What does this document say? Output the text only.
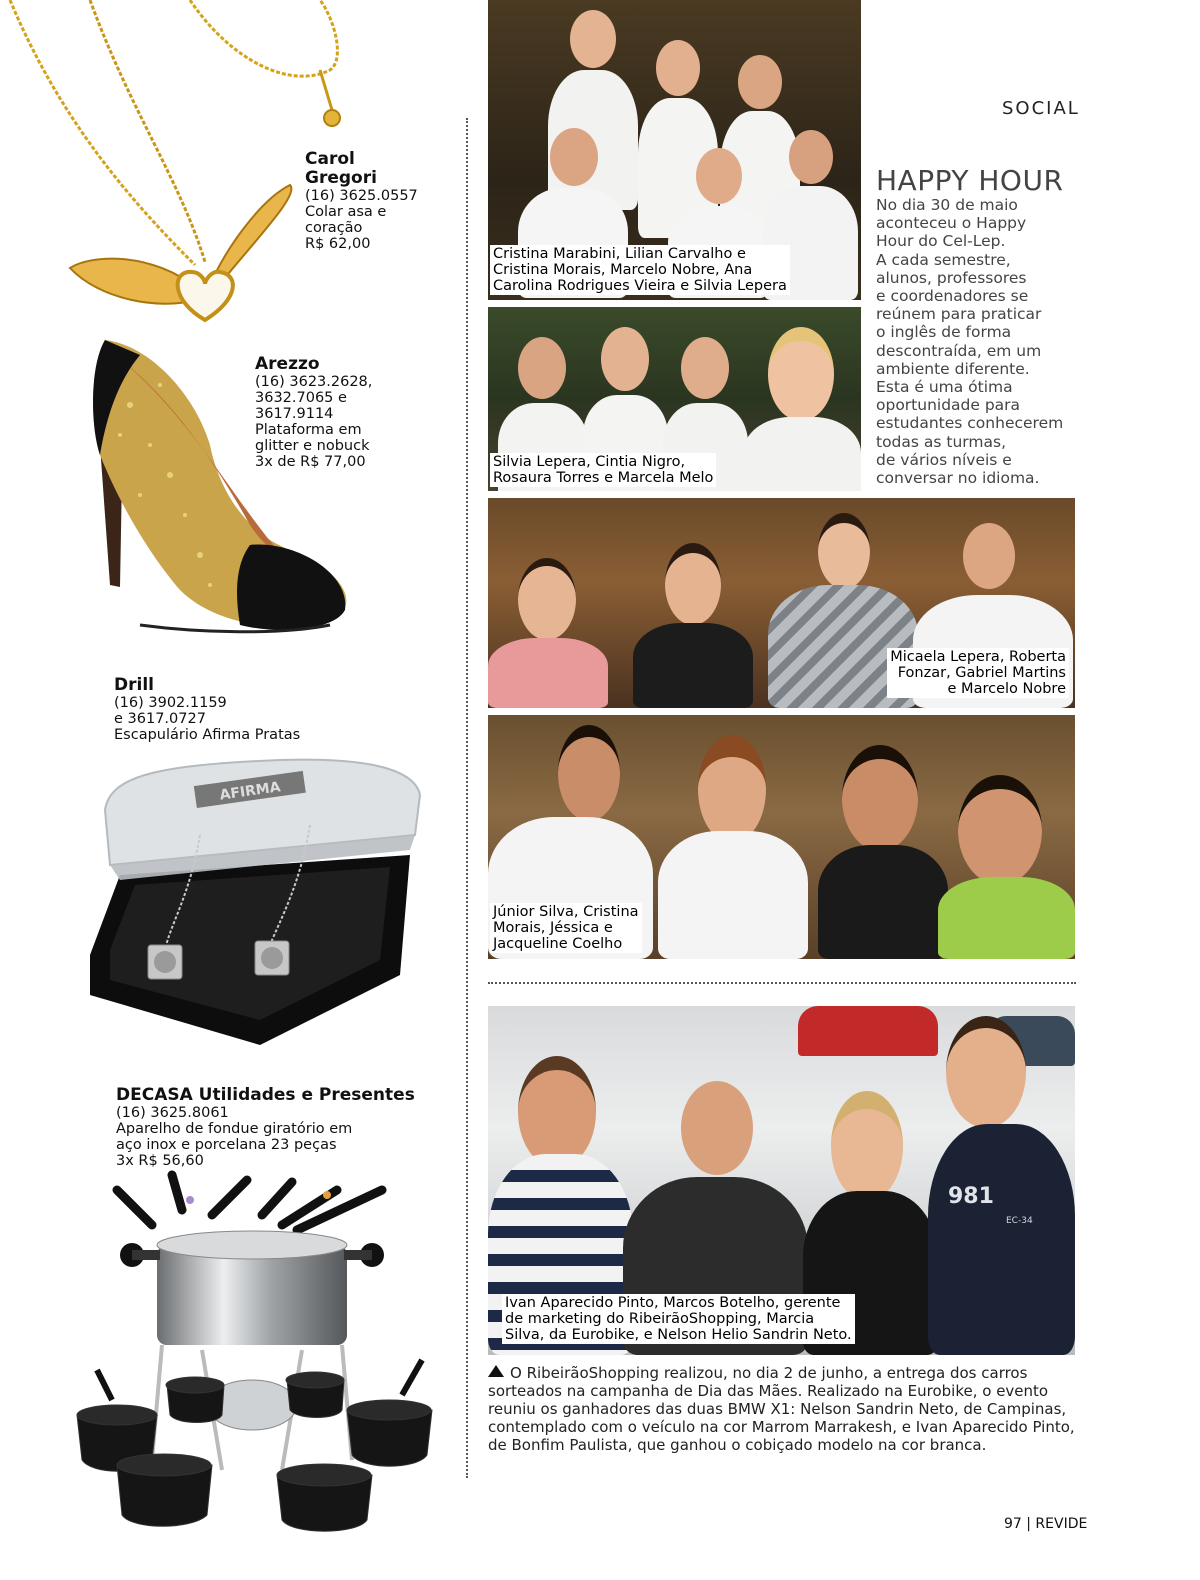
Carol
Gregori
(16) 3625.0557
Colar asa e
coração
R$ 62,00
Arezzo
(16) 3623.2628,
3632.7065 e
3617.9114
Plataforma em
glitter e nobuck
3x de R$ 77,00
Drill
(16) 3902.1159
e 3617.0727
Escapulário Afirma Pratas
AFIRMA
DECASA Utilidades e Presentes
(16) 3625.8061
Aparelho de fondue giratório em
aço inox e porcelana 23 peças
3x R$ 56,60
SOCIAL
Cristina Marabini, Lilian Carvalho e
Cristina Morais, Marcelo Nobre, Ana
Carolina Rodrigues Vieira e Silvia Lepera
Silvia Lepera, Cintia Nigro,
Rosaura Torres e Marcela Melo
HAPPY HOUR
No dia 30 de maio
aconteceu o Happy
Hour do Cel-Lep.
A cada semestre,
alunos, professores
e coordenadores se
reúnem para praticar
o inglês de forma
descontraída, em um
ambiente diferente.
Esta é uma ótima
oportunidade para
estudantes conhecerem
todas as turmas,
de vários níveis e
conversar no idioma.
Micaela Lepera, Roberta
Fonzar, Gabriel Martins
e Marcelo Nobre
Júnior Silva, Cristina
Morais, Jéssica e
Jacqueline Coelho
981
EC-34
Ivan Aparecido Pinto, Marcos Botelho, gerente
de marketing do RibeirãoShopping, Marcia
Silva, da Eurobike, e Nelson Helio Sandrin Neto.
O RibeirãoShopping realizou, no dia 2 de junho, a entrega dos carros sorteados na campanha de Dia das Mães. Realizado na Eurobike, o evento reuniu os ganhadores das duas BMW X1: Nelson Sandrin Neto, de Campinas, contemplado com o veículo na cor Marrom Marrakesh, e Ivan Aparecido Pinto, de Bonfim Paulista, que ganhou o cobiçado modelo na cor branca.
97 | REVIDE
